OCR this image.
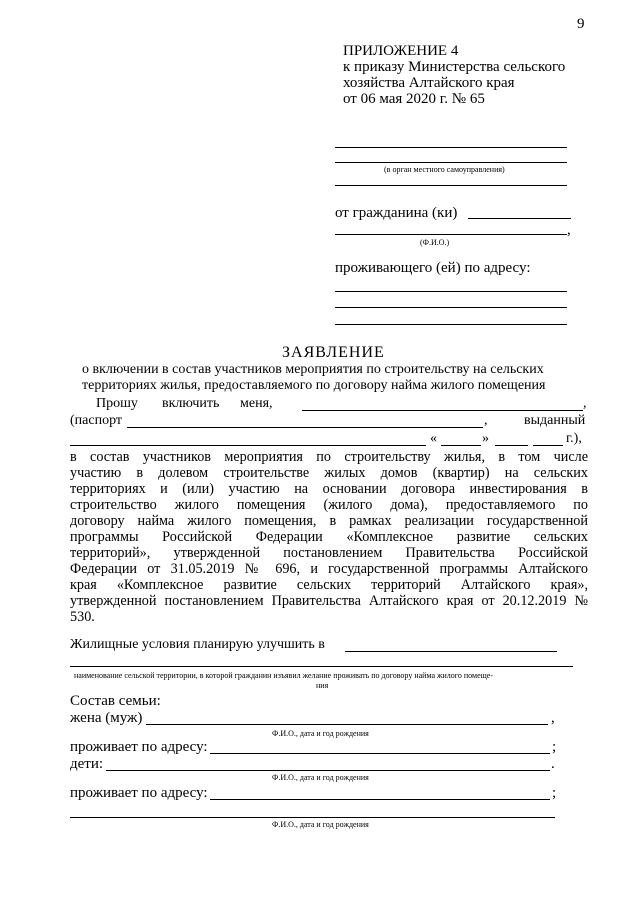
9
ПРИЛОЖЕНИЕ 4
к приказу Министерства сельского
хозяйства Алтайского края
от 06 мая 2020 г. № 65
(в орган местного самоуправления)
от гражданина (ки)
,
(Ф.И.О.)
проживающего (ей) по адресу:
ЗАЯВЛЕНИЕ
о включении в состав участников мероприятия по строительству на сельских
территориях жилья, предоставляемого по договору найма жилого помещения
Прошу включить меня,	,
(паспорт	,	выданный
«	»	г.),
в состав участников мероприятия по строительству жилья, в том числе
участию в долевом строительстве жилых домов (квартир) на сельских
территориях и (или) участию на основании договора инвестирования в
строительство жилого помещения (жилого дома), предоставляемого по
договору найма жилого помещения, в рамках реализации государственной
программы Российской Федерации «Комплексное развитие сельских
территорий», утвержденной постановлением Правительства Российской
Федерации от 31.05.2019 № 696, и государственной программы Алтайского
края «Комплексное развитие сельских территорий Алтайского края»,
утвержденной постановлением Правительства Алтайского края от 20.12.2019 №
530.
Жилищные условия планирую улучшить в
наименование сельской территории, в которой гражданин изъявил желание проживать по договору найма жилого помеще-
ния
Состав семьи:
жена (муж)	,
Ф.И.О., дата и год рождения
проживает по адресу:	;
дети:	.
Ф.И.О., дата и год рождения
проживает по адресу:	;
Ф.И.О., дата и год рождения
